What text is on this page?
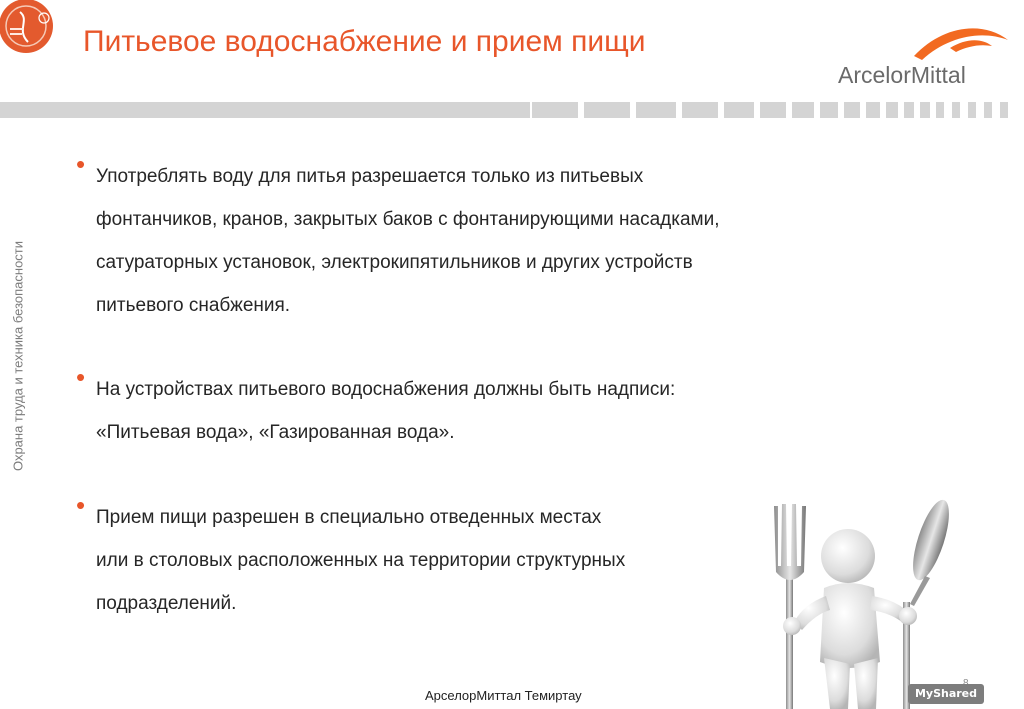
Питьевое водоснабжение и прием пищи
ArcelorMittal
Охрана труда и техника безопасности
• Употреблять воду для питья разрешается только из питьевых
фонтанчиков, кранов, закрытых баков с фонтанирующими насадками,
сатураторных установок, электрокипятильников и других устройств
питьевого снабжения.
• На устройствах питьевого водоснабжения должны быть надписи:
«Питьевая вода», «Газированная вода».
• Прием пищи разрешен в специально отведенных местах
или в столовых расположенных на территории структурных
подразделений.
АрселорМиттал Темиртау	MyShared
